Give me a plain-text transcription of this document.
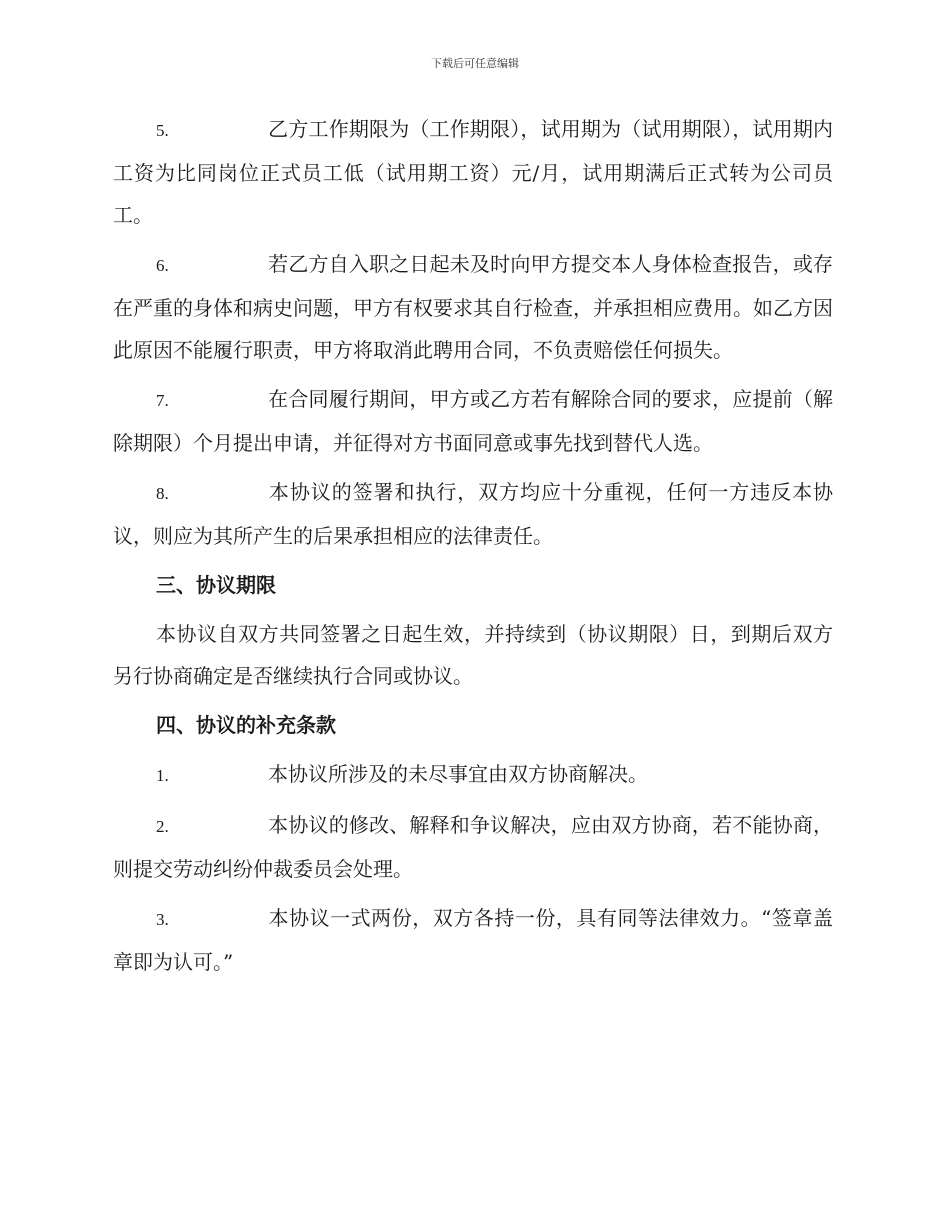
下载后可任意编辑

5.	乙方工作期限为（工作期限），试用期为（试用期限），试用期内工资为比同岗位正式员工低（试用期工资）元/月，试用期满后正式转为公司员工。

6.	若乙方自入职之日起未及时向甲方提交本人身体检查报告，或存在严重的身体和病史问题，甲方有权要求其自行检查，并承担相应费用。如乙方因此原因不能履行职责，甲方将取消此聘用合同，不负责赔偿任何损失。

7.	在合同履行期间，甲方或乙方若有解除合同的要求，应提前（解除期限）个月提出申请，并征得对方书面同意或事先找到替代人选。

8.	本协议的签署和执行，双方均应十分重视，任何一方违反本协议，则应为其所产生的后果承担相应的法律责任。

三、协议期限

本协议自双方共同签署之日起生效，并持续到（协议期限）日，到期后双方另行协商确定是否继续执行合同或协议。

四、协议的补充条款

1.	本协议所涉及的未尽事宜由双方协商解决。

2.	本协议的修改、解释和争议解决，应由双方协商，若不能协商，则提交劳动纠纷仲裁委员会处理。

3.	本协议一式两份，双方各持一份，具有同等法律效力。“签章盖章即为认可。”
